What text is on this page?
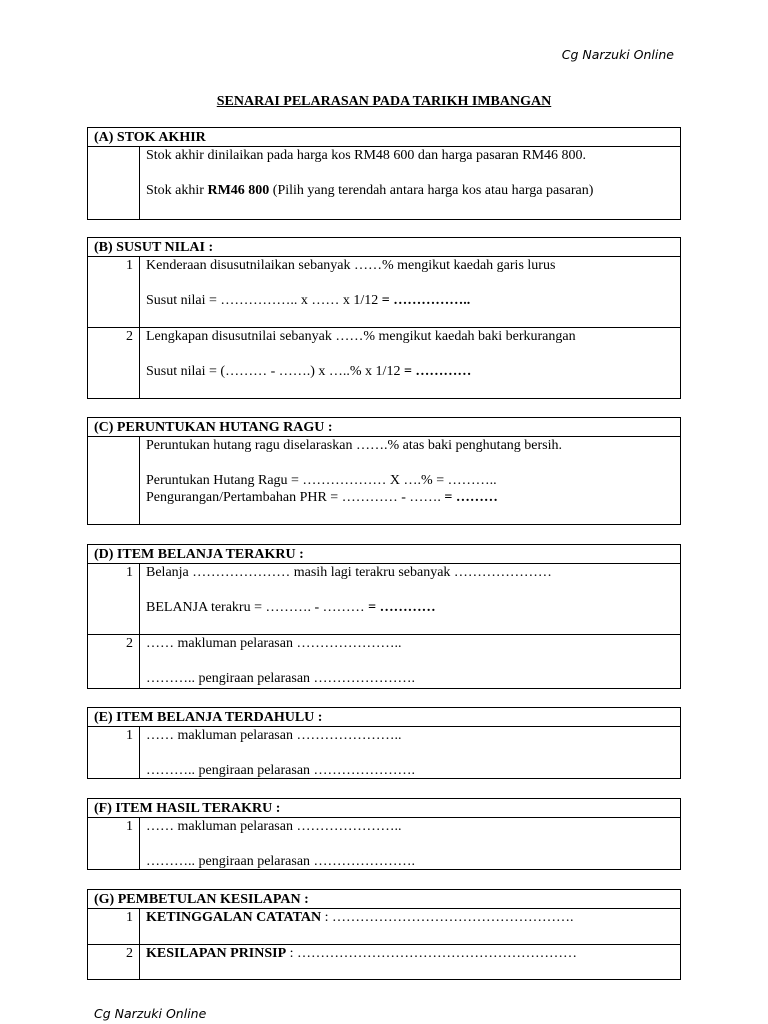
Cg Narzuki Online
SENARAI PELARASAN PADA TARIKH IMBANGAN
(A) STOK AKHIR
Stok akhir dinilaikan pada harga kos RM48 600 dan harga pasaran RM46 800.
Stok akhir RM46 800 (Pilih yang terendah antara harga kos atau harga pasaran)
(B) SUSUT NILAI :
1 Kenderaan disusutnilaikan sebanyak ……% mengikut kaedah garis lurus
Susut nilai = …………….. x …… x 1/12 = ……………..
2 Lengkapan disusutnilai sebanyak ……% mengikut kaedah baki berkurangan
Susut nilai = (……… - …….) x …..% x 1/12 = …………
(C) PERUNTUKAN HUTANG RAGU :
Peruntukan hutang ragu diselaraskan …….% atas baki penghutang bersih.
Peruntukan Hutang Ragu = ……………… X ….% = ………..
Pengurangan/Pertambahan PHR = ………… - ……. = ………
(D) ITEM BELANJA TERAKRU :
1 Belanja ………………… masih lagi terakru sebanyak …………………
BELANJA terakru = ………. - ……… = …………
2 …… makluman pelarasan …………………..
……….. pengiraan pelarasan ………………….
(E) ITEM BELANJA TERDAHULU :
1 …… makluman pelarasan …………………..
……….. pengiraan pelarasan ………………….
(F) ITEM HASIL TERAKRU :
1 …… makluman pelarasan …………………..
……….. pengiraan pelarasan ………………….
(G) PEMBETULAN KESILAPAN :
1 KETINGGALAN CATATAN : …………………………………………….
2 KESILAPAN PRINSIP : ……………………………………………………
Cg Narzuki Online
